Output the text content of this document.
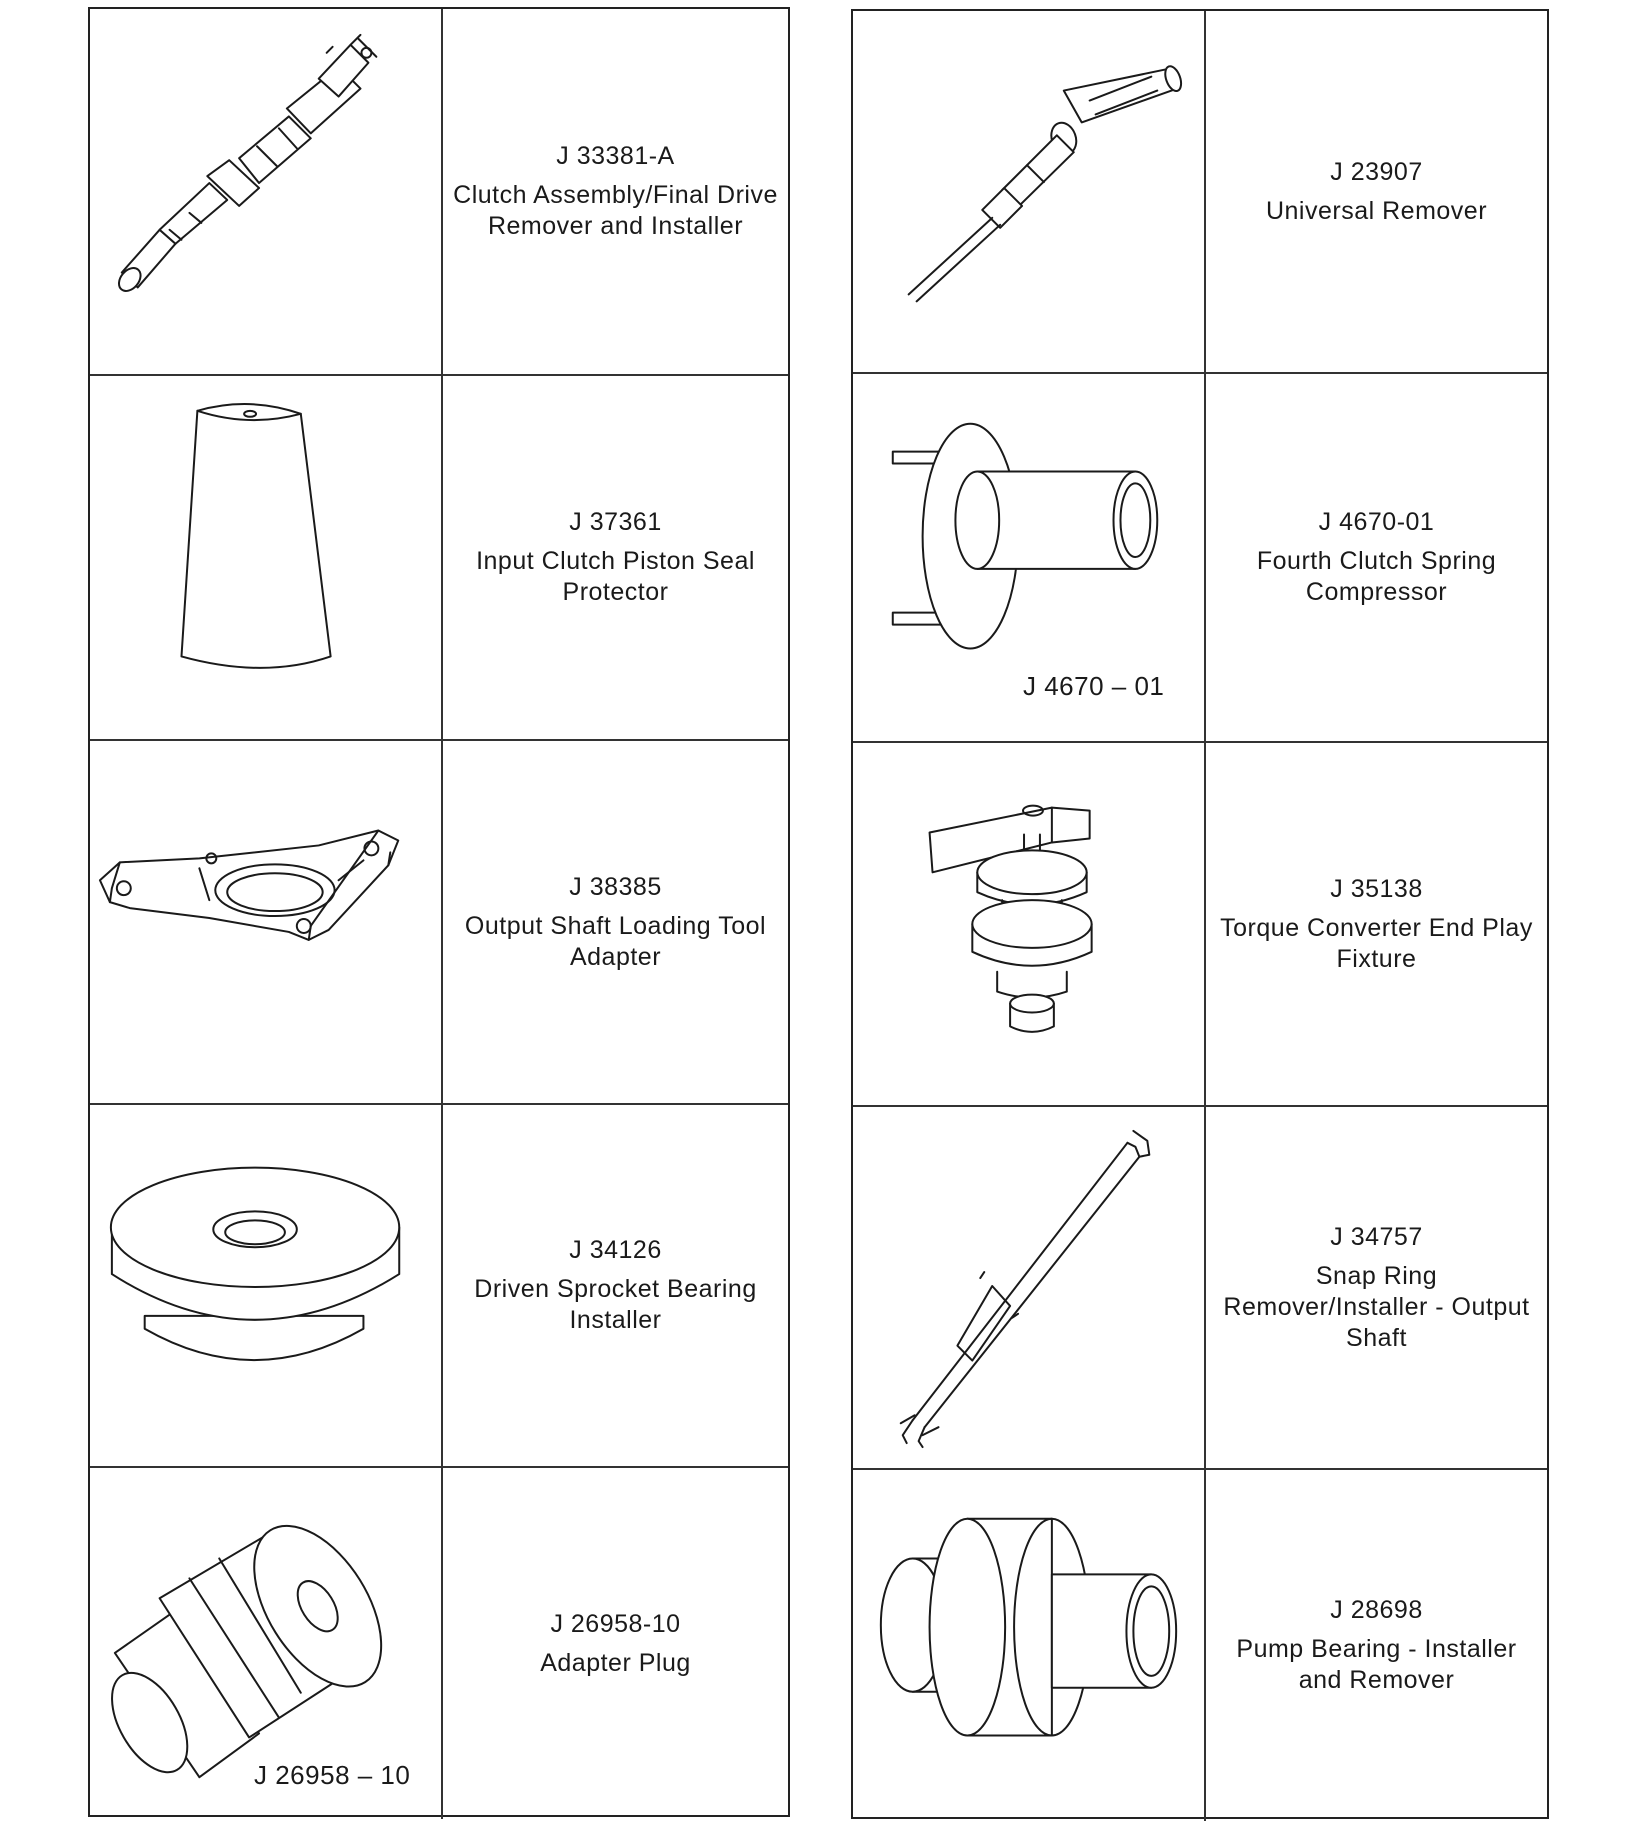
J 33381-A
Clutch Assembly/Final Drive
Remover and Installer
J 37361
Input Clutch Piston Seal
Protector
J 38385
Output Shaft Loading Tool
Adapter
J 34126
Driven Sprocket Bearing
Installer
J 26958 – 10
J 26958-10
Adapter Plug
J 23907
Universal Remover
J 4670 – 01
J 4670-01
Fourth Clutch Spring
Compressor
J 35138
Torque Converter End Play
Fixture
J 34757
Snap Ring
Remover/Installer - Output
Shaft
J 28698
Pump Bearing - Installer
and Remover
